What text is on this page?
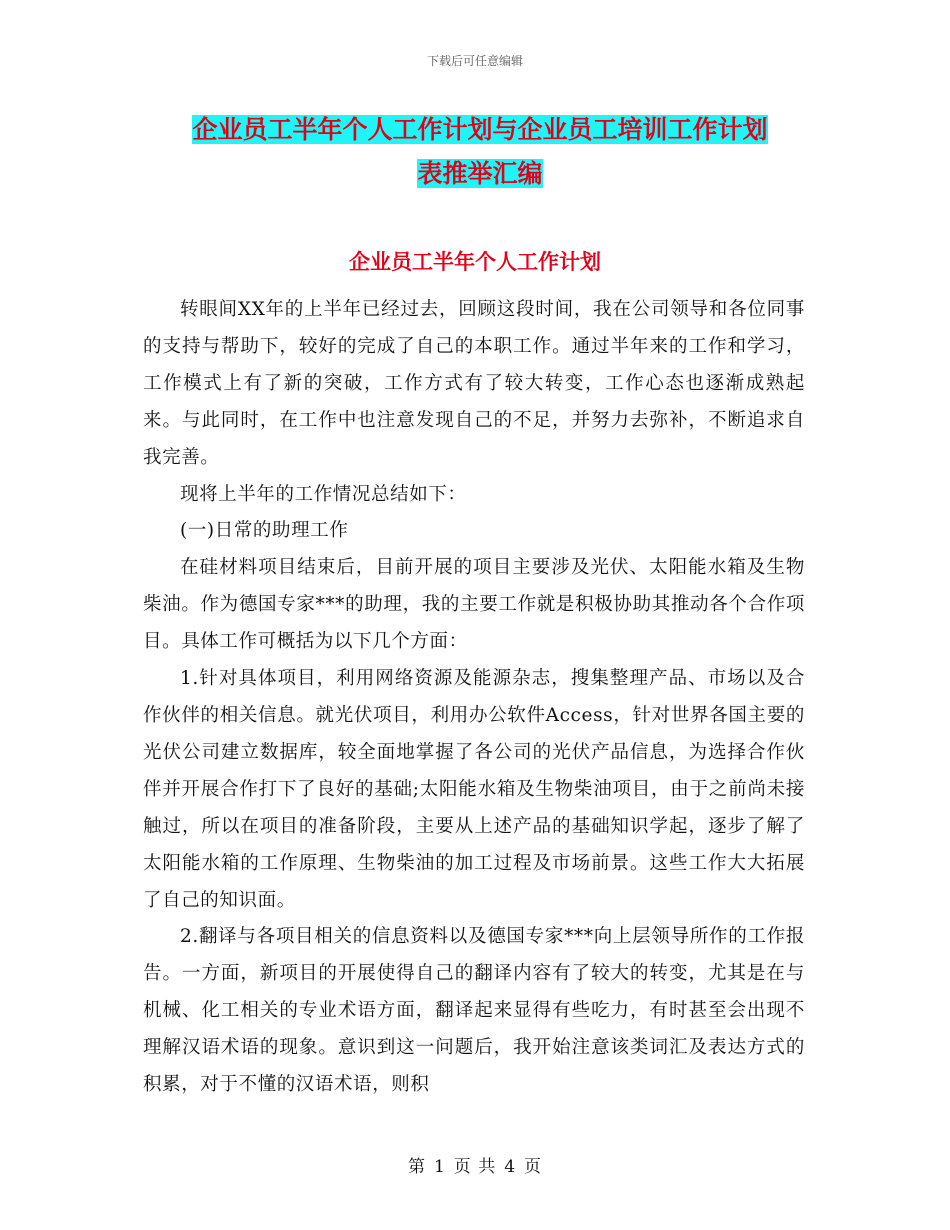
下载后可任意编辑
企业员工半年个人工作计划与企业员工培训工作计划
表推举汇编
企业员工半年个人工作计划

转眼间XX年的上半年已经过去，回顾这段时间，我在公司领导和各位同事的支持与帮助下，较好的完成了自己的本职工作。通过半年来的工作和学习，工作模式上有了新的突破，工作方式有了较大转变，工作心态也逐渐成熟起来。与此同时，在工作中也注意发现自己的不足，并努力去弥补，不断追求自我完善。

现将上半年的工作情况总结如下：

(一)日常的助理工作

在硅材料项目结束后，目前开展的项目主要涉及光伏、太阳能水箱及生物柴油。作为德国专家***的助理，我的主要工作就是积极协助其推动各个合作项目。具体工作可概括为以下几个方面：

1.针对具体项目，利用网络资源及能源杂志，搜集整理产品、市场以及合作伙伴的相关信息。就光伏项目，利用办公软件Access，针对世界各国主要的光伏公司建立数据库，较全面地掌握了各公司的光伏产品信息，为选择合作伙伴并开展合作打下了良好的基础;太阳能水箱及生物柴油项目，由于之前尚未接触过，所以在项目的准备阶段，主要从上述产品的基础知识学起，逐步了解了太阳能水箱的工作原理、生物柴油的加工过程及市场前景。这些工作大大拓展了自己的知识面。

2.翻译与各项目相关的信息资料以及德国专家***向上层领导所作的工作报告。一方面，新项目的开展使得自己的翻译内容有了较大的转变，尤其是在与机械、化工相关的专业术语方面，翻译起来显得有些吃力，有时甚至会出现不理解汉语术语的现象。意识到这一问题后，我开始注意该类词汇及表达方式的积累，对于不懂的汉语术语，则积

第 1 页 共 4 页
